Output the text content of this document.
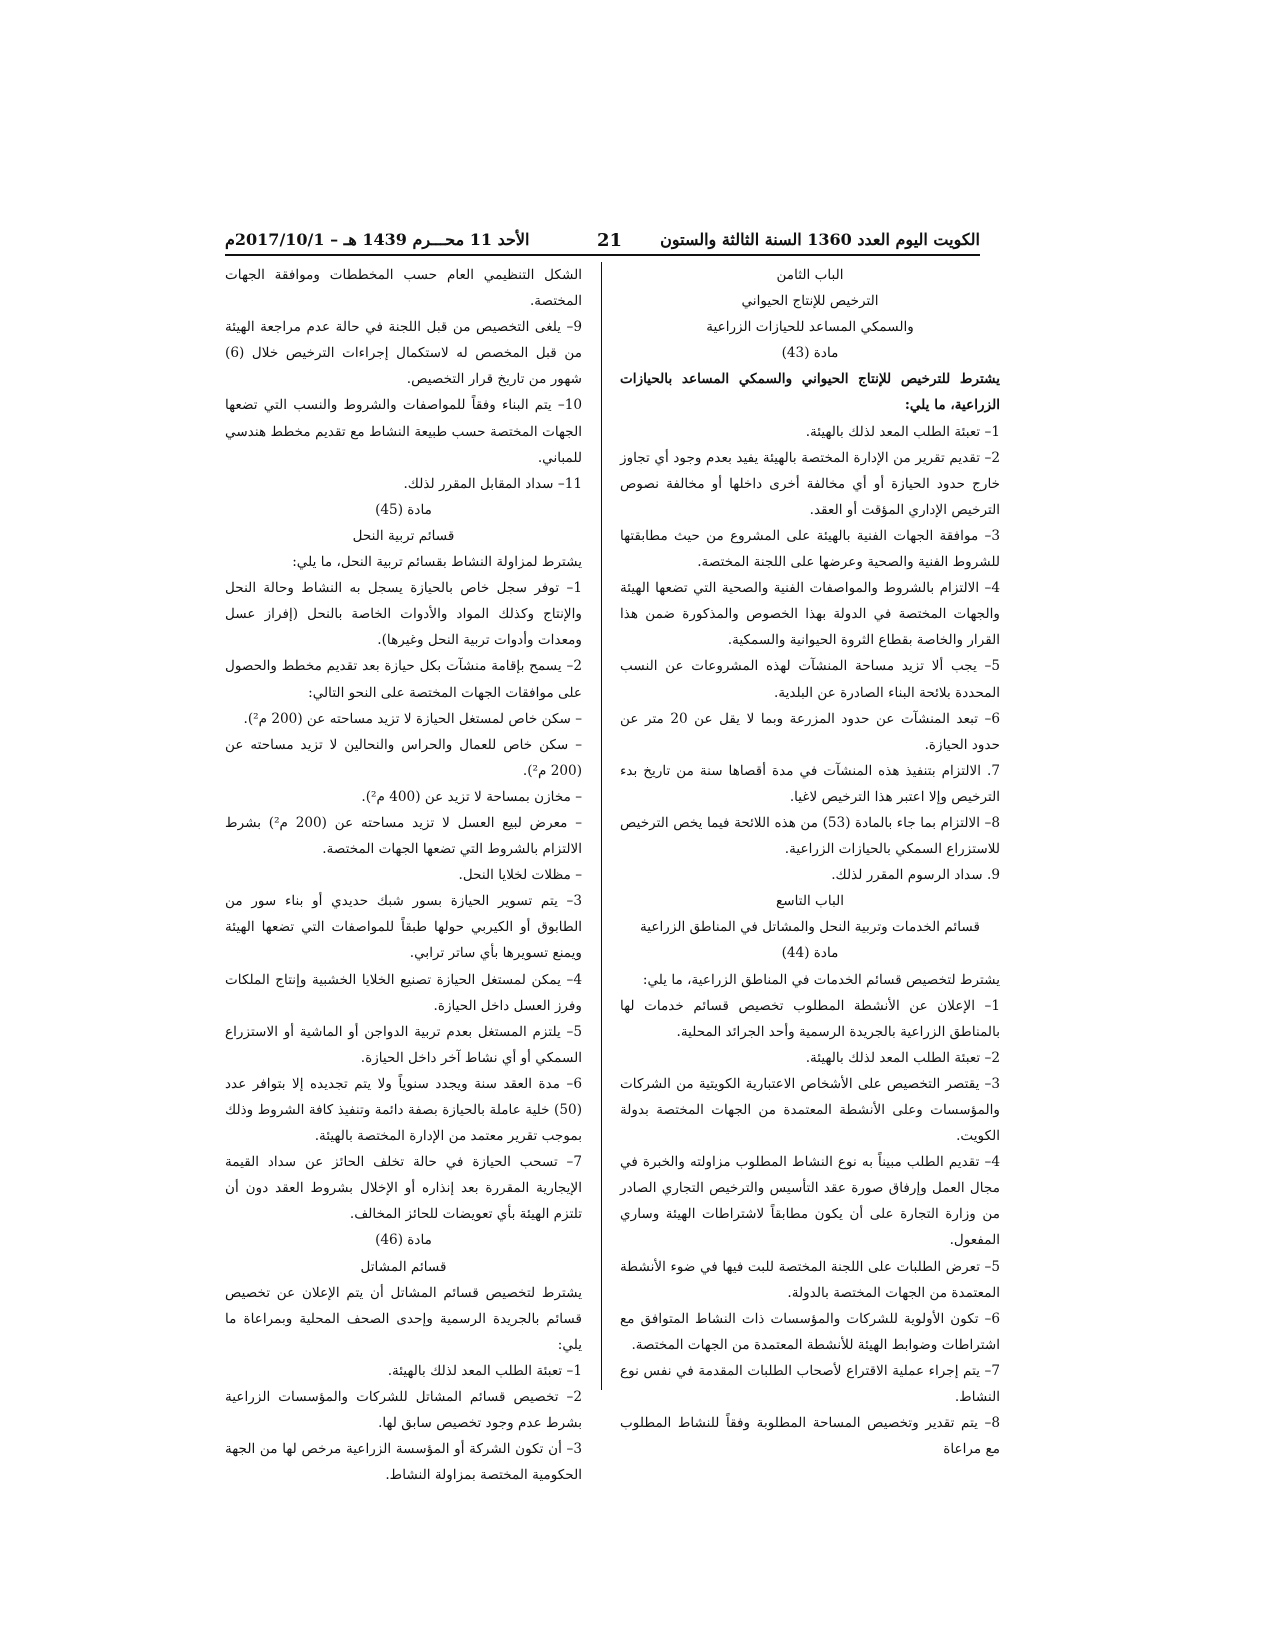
الكويت اليوم العدد 1360 السنة الثالثة والستون
21
الأحد 11 محـــرم 1439 هـ – 2017/10/1م

الباب الثامن

الترخيص للإنتاج الحيواني

والسمكي المساعد للحيازات الزراعية

مادة (43)

يشترط للترخيص للإنتاج الحيواني والسمكي المساعد بالحيازات الزراعية، ما يلي:

1– تعبئة الطلب المعد لذلك بالهيئة.

2– تقديم تقرير من الإدارة المختصة بالهيئة يفيد بعدم وجود أي تجاوز خارج حدود الحيازة أو أي مخالفة أخرى داخلها أو مخالفة نصوص الترخيص الإداري المؤقت أو العقد.

3– موافقة الجهات الفنية بالهيئة على المشروع من حيث مطابقتها للشروط الفنية والصحية وعرضها على اللجنة المختصة.

4– الالتزام بالشروط والمواصفات الفنية والصحية التي تضعها الهيئة والجهات المختصة في الدولة بهذا الخصوص والمذكورة ضمن هذا القرار والخاصة بقطاع الثروة الحيوانية والسمكية.

5– يجب ألا تزيد مساحة المنشآت لهذه المشروعات عن النسب المحددة بلائحة البناء الصادرة عن البلدية.

6– تبعد المنشآت عن حدود المزرعة وبما لا يقل عن 20 متر عن حدود الحيازة.

7. الالتزام بتنفيذ هذه المنشآت في مدة أقصاها سنة من تاريخ بدء الترخيص وإلا اعتبر هذا الترخيص لاغيا.

8– الالتزام بما جاء بالمادة (53) من هذه اللائحة فيما يخص الترخيص للاستزراع السمكي بالحيازات الزراعية.

9. سداد الرسوم المقرر لذلك.

الباب التاسع

قسائم الخدمات وتربية النحل والمشاتل في المناطق الزراعية

مادة (44)

يشترط لتخصيص قسائم الخدمات في المناطق الزراعية، ما يلي:

1– الإعلان عن الأنشطة المطلوب تخصيص قسائم خدمات لها بالمناطق الزراعية بالجريدة الرسمية وأحد الجرائد المحلية.

2– تعبئة الطلب المعد لذلك بالهيئة.

3– يقتصر التخصيص على الأشخاص الاعتبارية الكويتية من الشركات والمؤسسات وعلى الأنشطة المعتمدة من الجهات المختصة بدولة الكويت.

4– تقديم الطلب مبيناً به نوع النشاط المطلوب مزاولته والخبرة في مجال العمل وإرفاق صورة عقد التأسيس والترخيص التجاري الصادر من وزارة التجارة على أن يكون مطابقاً لاشتراطات الهيئة وساري المفعول.

5– تعرض الطلبات على اللجنة المختصة للبت فيها في ضوء الأنشطة المعتمدة من الجهات المختصة بالدولة.

6– تكون الأولوية للشركات والمؤسسات ذات النشاط المتوافق مع اشتراطات وضوابط الهيئة للأنشطة المعتمدة من الجهات المختصة.

7– يتم إجراء عملية الاقتراع لأصحاب الطلبات المقدمة في نفس نوع النشاط.

8– يتم تقدير وتخصيص المساحة المطلوبة وفقاً للنشاط المطلوب مع مراعاة

الشكل التنظيمي العام حسب المخططات وموافقة الجهات المختصة.

9– يلغى التخصيص من قبل اللجنة في حالة عدم مراجعة الهيئة من قبل المخصص له لاستكمال إجراءات الترخيص خلال (6) شهور من تاريخ قرار التخصيص.

10– يتم البناء وفقاً للمواصفات والشروط والنسب التي تضعها الجهات المختصة حسب طبيعة النشاط مع تقديم مخطط هندسي للمباني.

11– سداد المقابل المقرر لذلك.

مادة (45)

قسائم تربية النحل

يشترط لمزاولة النشاط بقسائم تربية النحل، ما يلي:

1– توفر سجل خاص بالحيازة يسجل به النشاط وحالة النحل والإنتاج وكذلك المواد والأدوات الخاصة بالنحل (إفراز عسل ومعدات وأدوات تربية النحل وغيرها).

2– يسمح بإقامة منشآت بكل حيازة بعد تقديم مخطط والحصول على موافقات الجهات المختصة على النحو التالي:

– سكن خاص لمستغل الحيازة لا تزيد مساحته عن (200 م²).

– سكن خاص للعمال والحراس والنحالين لا تزيد مساحته عن (200 م²).

– مخازن بمساحة لا تزيد عن (400 م²).

– معرض لبيع العسل لا تزيد مساحته عن (200 م²) بشرط الالتزام بالشروط التي تضعها الجهات المختصة.

– مظلات لخلايا النحل.

3– يتم تسوير الحيازة بسور شبك حديدي أو بناء سور من الطابوق أو الكيربي حولها طبقاً للمواصفات التي تضعها الهيئة ويمنع تسويرها بأي ساتر ترابي.

4– يمكن لمستغل الحيازة تصنيع الخلايا الخشبية وإنتاج الملكات وفرز العسل داخل الحيازة.

5– يلتزم المستغل بعدم تربية الدواجن أو الماشية أو الاستزراع السمكي أو أي نشاط آخر داخل الحيازة.

6– مدة العقد سنة ويجدد سنوياً ولا يتم تجديده إلا بتوافر عدد (50) خلية عاملة بالحيازة بصفة دائمة وتنفيذ كافة الشروط وذلك بموجب تقرير معتمد من الإدارة المختصة بالهيئة.

7– تسحب الحيازة في حالة تخلف الحائز عن سداد القيمة الإيجارية المقررة بعد إنذاره أو الإخلال بشروط العقد دون أن تلتزم الهيئة بأي تعويضات للحائز المخالف.

مادة (46)

قسائم المشاتل

يشترط لتخصيص قسائم المشاتل أن يتم الإعلان عن تخصيص قسائم بالجريدة الرسمية وإحدى الصحف المحلية وبمراعاة ما يلي:

1– تعبئة الطلب المعد لذلك بالهيئة.

2– تخصيص قسائم المشاتل للشركات والمؤسسات الزراعية بشرط عدم وجود تخصيص سابق لها.

3– أن تكون الشركة أو المؤسسة الزراعية مرخص لها من الجهة الحكومية المختصة بمزاولة النشاط.
